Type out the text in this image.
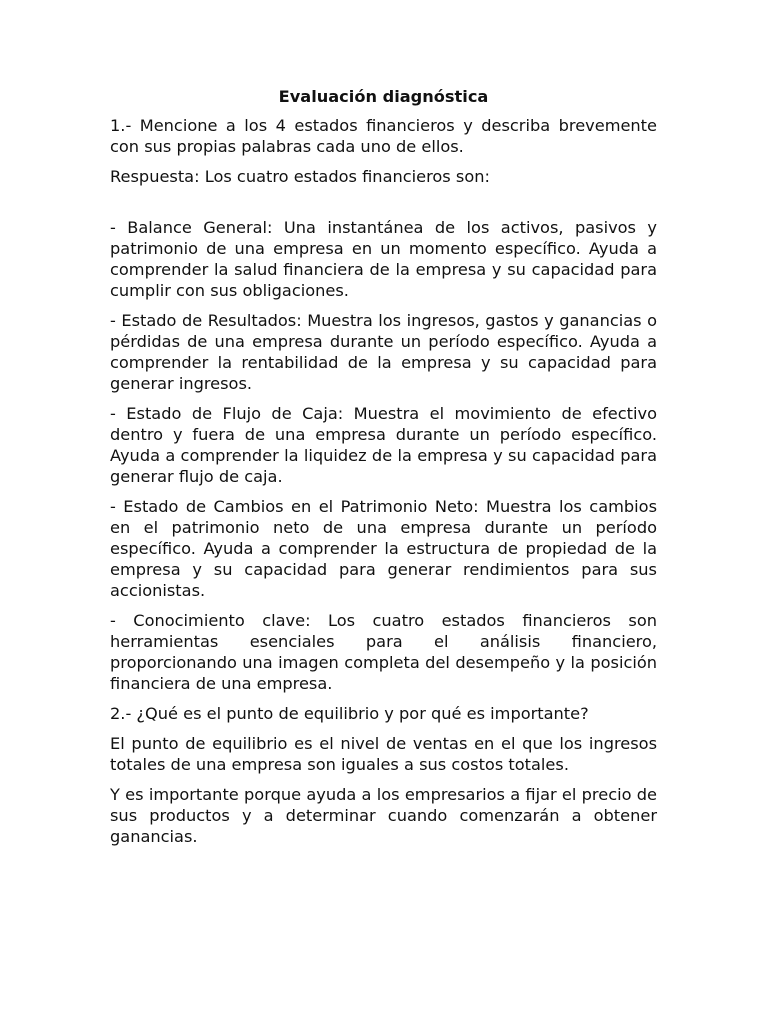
Evaluación diagnóstica

1.- Mencione a los 4 estados financieros y describa brevemente con sus propias palabras cada uno de ellos.

Respuesta: Los cuatro estados financieros son:

- Balance General: Una instantánea de los activos, pasivos y patrimonio de una empresa en un momento específico. Ayuda a comprender la salud financiera de la empresa y su capacidad para cumplir con sus obligaciones.

- Estado de Resultados: Muestra los ingresos, gastos y ganancias o pérdidas de una empresa durante un período específico. Ayuda a comprender la rentabilidad de la empresa y su capacidad para generar ingresos.

- Estado de Flujo de Caja: Muestra el movimiento de efectivo dentro y fuera de una empresa durante un período específico. Ayuda a comprender la liquidez de la empresa y su capacidad para generar flujo de caja.

- Estado de Cambios en el Patrimonio Neto: Muestra los cambios en el patrimonio neto de una empresa durante un período específico. Ayuda a comprender la estructura de propiedad de la empresa y su capacidad para generar rendimientos para sus accionistas.

- Conocimiento clave: Los cuatro estados financieros son herramientas esenciales para el análisis financiero, proporcionando una imagen completa del desempeño y la posición financiera de una empresa.

2.- ¿Qué es el punto de equilibrio y por qué es importante?

El punto de equilibrio es el nivel de ventas en el que los ingresos totales de una empresa son iguales a sus costos totales.

Y es importante porque ayuda a los empresarios a fijar el precio de sus productos y a determinar cuando comenzarán a obtener ganancias.
